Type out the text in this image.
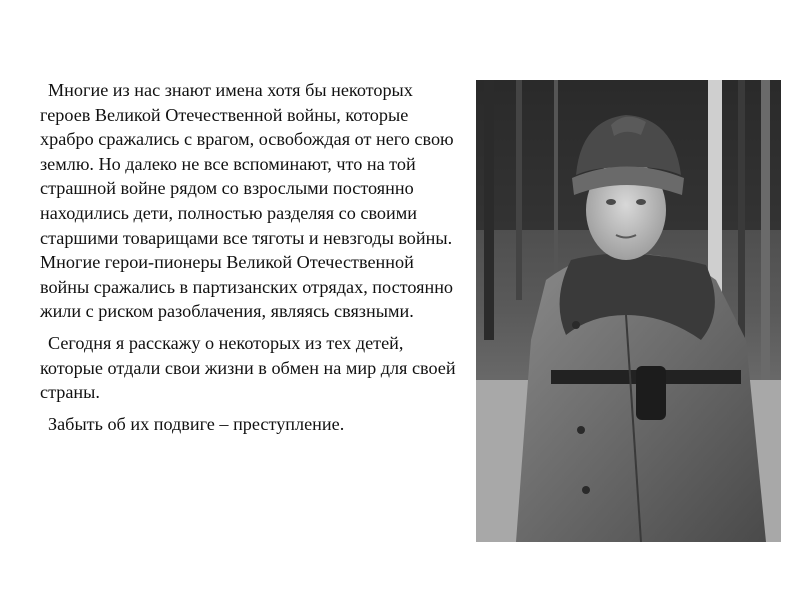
Многие из нас знают имена хотя бы некоторых героев Великой Отечественной войны, которые храбро сражались с врагом, освобождая от него свою землю. Но далеко не все вспоминают, что на той страшной войне рядом со взрослыми постоянно находились дети, полностью разделяя со своими старшими товарищами все тяготы и невзгоды войны. Многие герои-пионеры Великой Отечественной войны сражались в партизанских отрядах, постоянно жили с риском разоблачения, являясь связными.

Сегодня я расскажу о некоторых из тех детей, которые отдали свои жизни в обмен на мир для своей страны.

Забыть об их подвиге – преступление.
